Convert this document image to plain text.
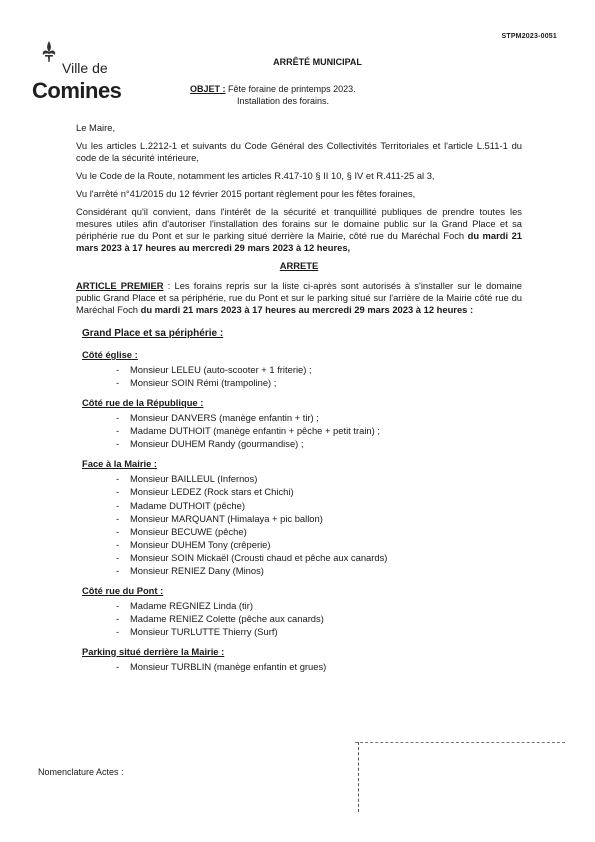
STPM2023-0051
Ville de
Comines
ARRÊTÉ MUNICIPAL
OBJET : Fête foraine de printemps 2023.
Installation des forains.

Le Maire,

Vu les articles L.2212-1 et suivants du Code Général des Collectivités Territoriales et l'article L.511-1 du code de la sécurité intérieure,

Vu le Code de la Route, notamment les articles R.417-10 § II 10, § IV et R.411-25 al 3,

Vu l'arrêté n°41/2015 du 12 février 2015 portant règlement pour les fêtes foraines,

Considérant qu'il convient, dans l'intérêt de la sécurité et tranquillité publiques de prendre toutes les mesures utiles afin d'autoriser l'installation des forains sur le domaine public sur la Grand Place et sa périphérie rue du Pont et sur le parking situé derrière la Mairie, côté rue du Maréchal Foch du mardi 21 mars 2023 à 17 heures au mercredi 29 mars 2023 à 12 heures,

ARRETE

ARTICLE PREMIER : Les forains repris sur la liste ci-après sont autorisés à s'installer sur le domaine public Grand Place et sa périphérie, rue du Pont et sur le parking situé sur l'arrière de la Mairie côté rue du Maréchal Foch du mardi 21 mars 2023 à 17 heures au mercredi 29 mars 2023 à 12 heures :

Grand Place et sa périphérie :
Côté église :
- Monsieur LELEU (auto-scooter + 1 friterie) ;
- Monsieur SOIN Rémi (trampoline) ;
Côté rue de la République :
- Monsieur DANVERS (manège enfantin + tir) ;
- Madame DUTHOIT (manège enfantin + pêche + petit train) ;
- Monsieur DUHEM Randy (gourmandise) ;
Face à la Mairie :
- Monsieur BAILLEUL (Infernos)
- Monsieur LEDEZ (Rock stars et Chichi)
- Madame DUTHOIT (pêche)
- Monsieur MARQUANT (Himalaya + pic ballon)
- Monsieur BECUWE (pêche)
- Monsieur DUHEM Tony (crêperie)
- Monsieur SOIN Mickaël (Crousti chaud et pêche aux canards)
- Monsieur RENIEZ Dany (Minos)
Côté rue du Pont :
- Madame REGNIEZ Linda (tir)
- Madame RENIEZ Colette (pêche aux canards)
- Monsieur TURLUTTE Thierry (Surf)
Parking situé derrière la Mairie :
- Monsieur TURBLIN (manège enfantin et grues)
Nomenclature Actes :
